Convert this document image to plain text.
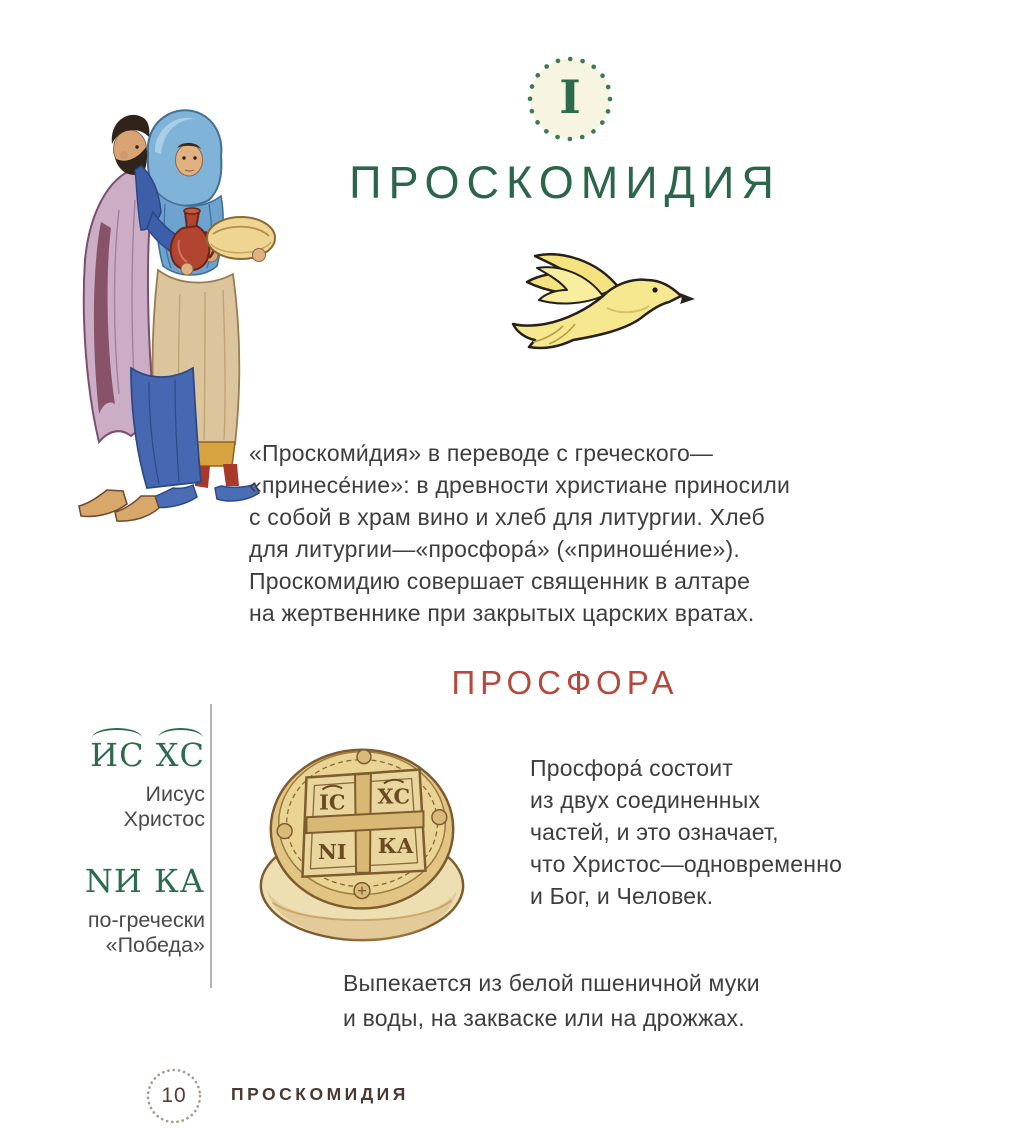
I
ПРОСКОМИДИЯ
«Проскоми́дия» в переводе с греческого—
«принесе́ние»: в древности христиане приносили
с собой в храм вино и хлеб для литургии. Хлеб
для литургии—«просфора́» («приноше́ние»).
Проскомидию совершает священник в алтаре
на жертвеннике при закрытых царских вратах.
ПРОСФОРА
ИС ХС
Иисус
Христос
NИ КА
по-гречески
«Победа»
ІС ХС
NI КА
Просфора́ состоит
из двух соединенных
частей, и это означает,
что Христос—одновременно
и Бог, и Человек.
Выпекается из белой пшеничной муки
и воды, на закваске или на дрожжах.
10	ПРОСКОМИДИЯ
